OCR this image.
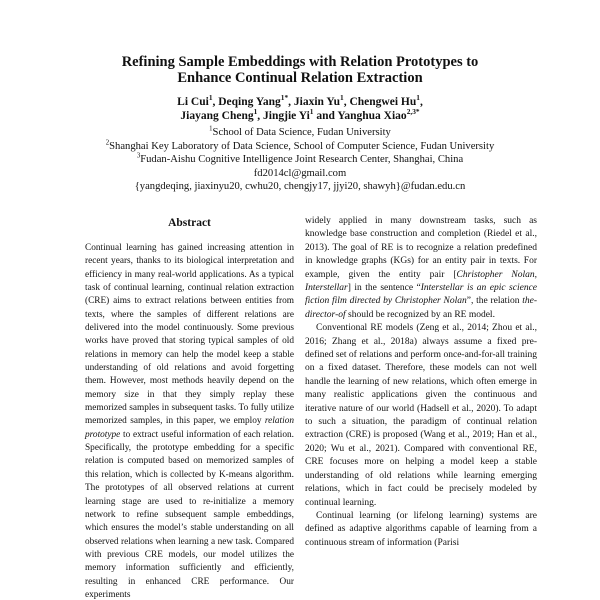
Refining Sample Embeddings with Relation Prototypes to
Enhance Continual Relation Extraction
Li Cui$^1$, Deqing Yang$^{1*}$, Jiaxin Yu$^1$, Chengwei Hu$^1$,
Jiayang Cheng$^1$, Jingjie Yi$^1$ and Yanghua Xiao$^{2,3*}$
$^1$School of Data Science, Fudan University
$^2$Shanghai Key Laboratory of Data Science, School of Computer Science, Fudan University
$^3$Fudan-Aishu Cognitive Intelligence Joint Research Center, Shanghai, China
fd2014cl@gmail.com
{yangdeqing, jiaxinyu20, cwhu20, chengjy17, jjyi20, shawyh}@fudan.edu.cn
Abstract
Continual learning has gained increasing attention in recent years, thanks to its biological interpretation and efficiency in many real-world applications. As a typical task of continual learning, continual relation extraction (CRE) aims to extract relations between entities from texts, where the samples of different relations are delivered into the model continuously. Some previous works have proved that storing typical samples of old relations in memory can help the model keep a stable understanding of old relations and avoid forgetting them. However, most methods heavily depend on the memory size in that they simply replay these memorized samples in subsequent tasks. To fully utilize memorized samples, in this paper, we employ relation prototype to extract useful information of each relation. Specifically, the prototype embedding for a specific relation is computed based on memorized samples of this relation, which is collected by K-means algorithm. The prototypes of all observed relations at current learning stage are used to re-initialize a memory network to refine subsequent sample embeddings, which ensures the model’s stable understanding on all observed relations when learning a new task. Compared with previous CRE models, our model utilizes the memory information sufficiently and efficiently, resulting in enhanced CRE performance. Our experiments

widely applied in many downstream tasks, such as knowledge base construction and completion (Riedel et al., 2013). The goal of RE is to recognize a relation predefined in knowledge graphs (KGs) for an entity pair in texts. For example, given the entity pair [Christopher Nolan, Interstellar] in the sentence “Interstellar is an epic science fiction film directed by Christopher Nolan”, the relation the-director-of should be recognized by an RE model.

Conventional RE models (Zeng et al., 2014; Zhou et al., 2016; Zhang et al., 2018a) always assume a fixed pre-defined set of relations and perform once-and-for-all training on a fixed dataset. Therefore, these models can not well handle the learning of new relations, which often emerge in many realistic applications given the continuous and iterative nature of our world (Hadsell et al., 2020). To adapt to such a situation, the paradigm of continual relation extraction (CRE) is proposed (Wang et al., 2019; Han et al., 2020; Wu et al., 2021). Compared with conventional RE, CRE focuses more on helping a model keep a stable understanding of old relations while learning emerging relations, which in fact could be precisely modeled by continual learning.

Continual learning (or lifelong learning) systems are defined as adaptive algorithms capable of learning from a continuous stream of information (Parisi
